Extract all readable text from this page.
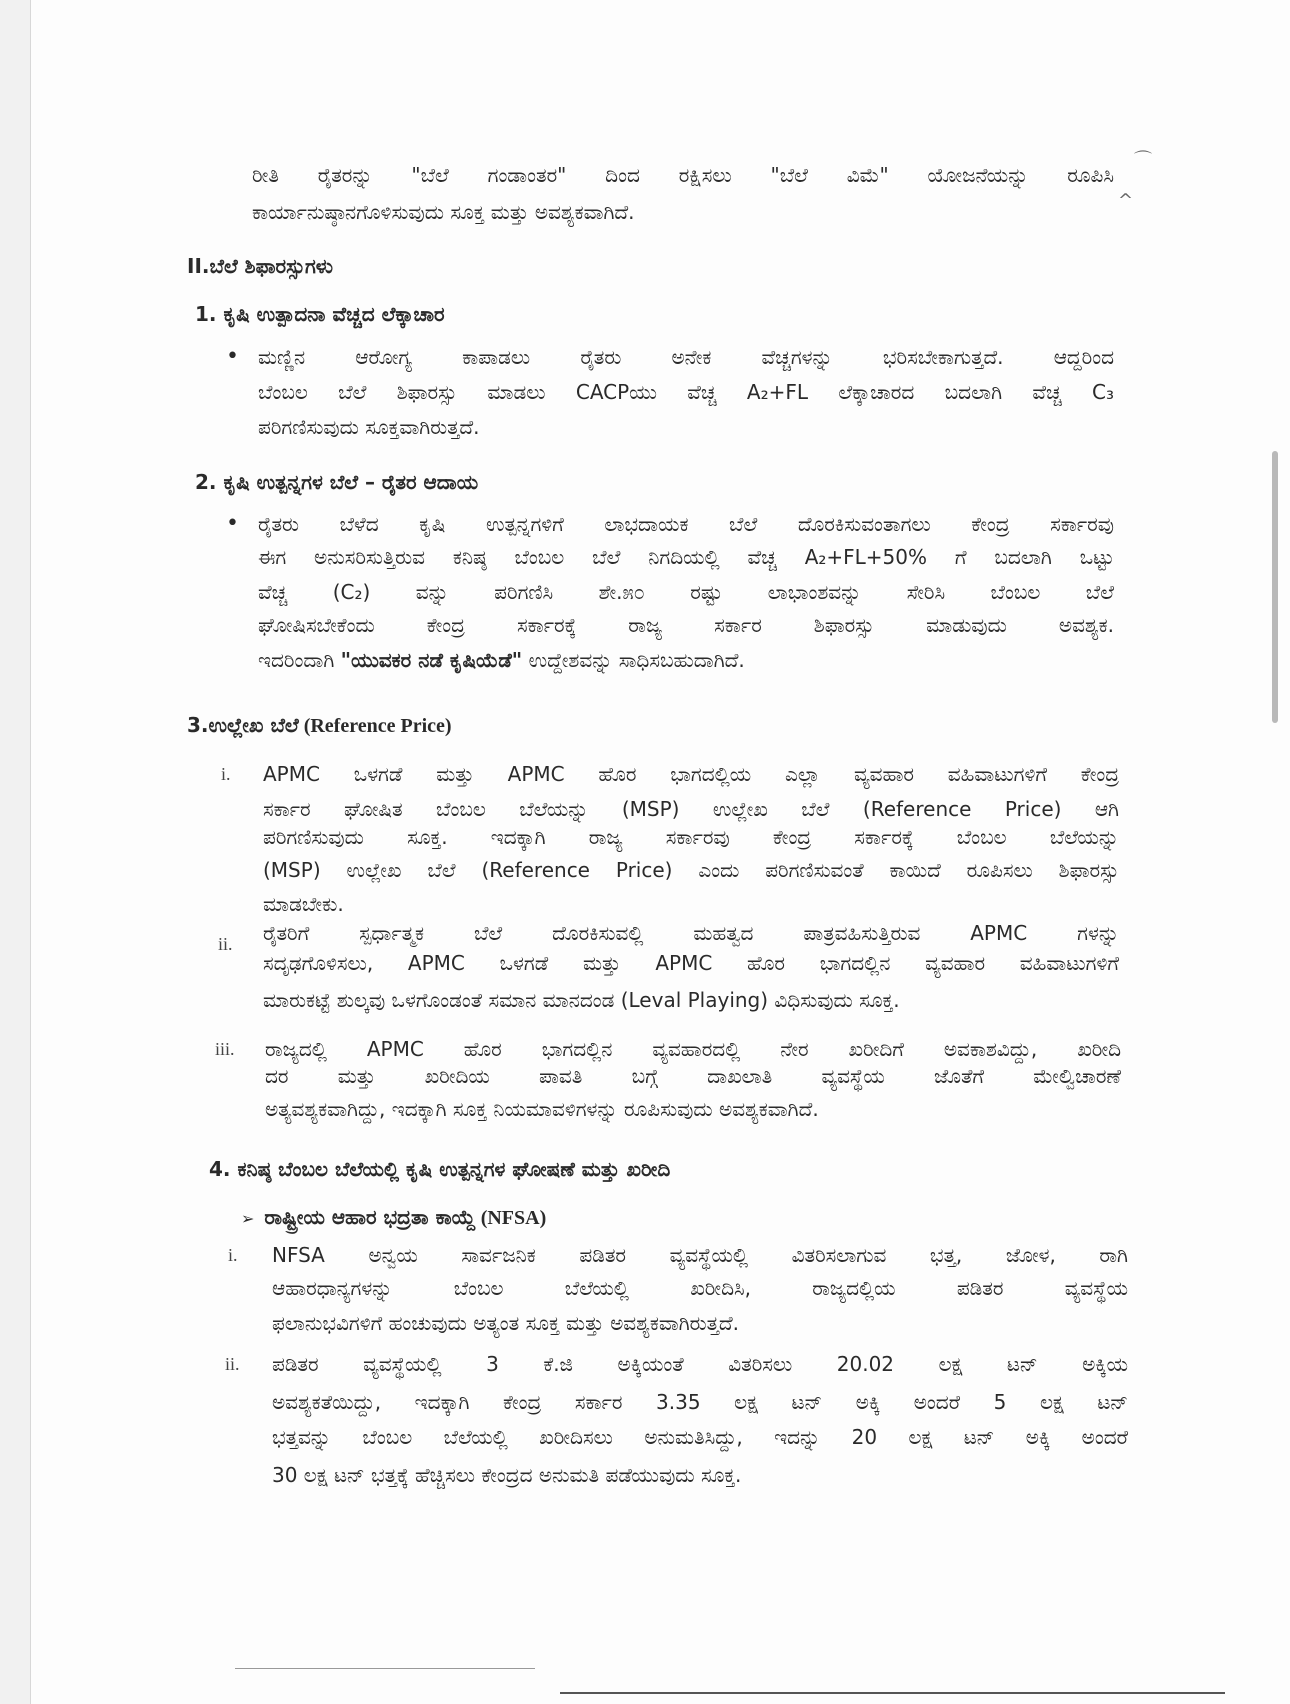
⌒
^
ರೀತಿ ರೈತರನ್ನು "ಬೆಲೆ ಗಂಡಾಂತರ" ದಿಂದ ರಕ್ಷಿಸಲು "ಬೆಲೆ ವಿಮೆ" ಯೋಜನೆಯನ್ನು ರೂಪಿಸಿ
ಕಾರ್ಯಾನುಷ್ಠಾನಗೊಳಿಸುವುದು ಸೂಕ್ತ ಮತ್ತು ಅವಶ್ಯಕವಾಗಿದೆ.
II.ಬೆಲೆ ಶಿಫಾರಸ್ಸುಗಳು
1. ಕೃಷಿ ಉತ್ಪಾದನಾ ವೆಚ್ಚದ ಲೆಕ್ಕಾಚಾರ
• ಮಣ್ಣಿನ ಆರೋಗ್ಯ ಕಾಪಾಡಲು ರೈತರು ಅನೇಕ ವೆಚ್ಚಗಳನ್ನು ಭರಿಸಬೇಕಾಗುತ್ತದೆ. ಆದ್ದರಿಂದ
ಬೆಂಬಲ ಬೆಲೆ ಶಿಫಾರಸ್ಸು ಮಾಡಲು CACPಯು ವೆಚ್ಚ A₂+FL ಲೆಕ್ಕಾಚಾರದ ಬದಲಾಗಿ ವೆಚ್ಚ C₃
ಪರಿಗಣಿಸುವುದು ಸೂಕ್ತವಾಗಿರುತ್ತದೆ.
2. ಕೃಷಿ ಉತ್ಪನ್ನಗಳ ಬೆಲೆ – ರೈತರ ಆದಾಯ
• ರೈತರು ಬೆಳೆದ ಕೃಷಿ ಉತ್ಪನ್ನಗಳಿಗೆ ಲಾಭದಾಯಕ ಬೆಲೆ ದೊರಕಿಸುವಂತಾಗಲು ಕೇಂದ್ರ ಸರ್ಕಾರವು
ಈಗ ಅನುಸರಿಸುತ್ತಿರುವ ಕನಿಷ್ಠ ಬೆಂಬಲ ಬೆಲೆ ನಿಗದಿಯಲ್ಲಿ ವೆಚ್ಚ A₂+FL+50% ಗೆ ಬದಲಾಗಿ ಒಟ್ಟು
ವೆಚ್ಚ (C₂) ವನ್ನು ಪರಿಗಣಿಸಿ ಶೇ.೫೦ ರಷ್ಟು ಲಾಭಾಂಶವನ್ನು ಸೇರಿಸಿ ಬೆಂಬಲ ಬೆಲೆ
ಘೋಷಿಸಬೇಕೆಂದು ಕೇಂದ್ರ ಸರ್ಕಾರಕ್ಕೆ ರಾಜ್ಯ ಸರ್ಕಾರ ಶಿಫಾರಸ್ಸು ಮಾಡುವುದು ಅವಶ್ಯಕ.
ಇದರಿಂದಾಗಿ "ಯುವಕರ ನಡೆ ಕೃಷಿಯೆಡೆ" ಉದ್ದೇಶವನ್ನು ಸಾಧಿಸಬಹುದಾಗಿದೆ.
3.ಉಲ್ಲೇಖ ಬೆಲೆ (Reference Price)
i. APMC ಒಳಗಡೆ ಮತ್ತು APMC ಹೊರ ಭಾಗದಲ್ಲಿಯ ಎಲ್ಲಾ ವ್ಯವಹಾರ ವಹಿವಾಟುಗಳಿಗೆ ಕೇಂದ್ರ
ಸರ್ಕಾರ ಘೋಷಿತ ಬೆಂಬಲ ಬೆಲೆಯನ್ನು (MSP) ಉಲ್ಲೇಖ ಬೆಲೆ (Reference Price) ಆಗಿ
ಪರಿಗಣಿಸುವುದು ಸೂಕ್ತ. ಇದಕ್ಕಾಗಿ ರಾಜ್ಯ ಸರ್ಕಾರವು ಕೇಂದ್ರ ಸರ್ಕಾರಕ್ಕೆ ಬೆಂಬಲ ಬೆಲೆಯನ್ನು
(MSP) ಉಲ್ಲೇಖ ಬೆಲೆ (Reference Price) ಎಂದು ಪರಿಗಣಿಸುವಂತೆ ಕಾಯಿದೆ ರೂಪಿಸಲು ಶಿಫಾರಸ್ಸು
ಮಾಡಬೇಕು.
ii. ರೈತರಿಗೆ ಸ್ಪರ್ಧಾತ್ಮಕ ಬೆಲೆ ದೊರಕಿಸುವಲ್ಲಿ ಮಹತ್ವದ ಪಾತ್ರವಹಿಸುತ್ತಿರುವ APMC ಗಳನ್ನು
ಸದೃಢಗೊಳಿಸಲು, APMC ಒಳಗಡೆ ಮತ್ತು APMC ಹೊರ ಭಾಗದಲ್ಲಿನ ವ್ಯವಹಾರ ವಹಿವಾಟುಗಳಿಗೆ
ಮಾರುಕಟ್ಟೆ ಶುಲ್ಕವು ಒಳಗೊಂಡಂತೆ ಸಮಾನ ಮಾನದಂಡ (Leval Playing) ವಿಧಿಸುವುದು ಸೂಕ್ತ.
iii. ರಾಜ್ಯದಲ್ಲಿ APMC ಹೊರ ಭಾಗದಲ್ಲಿನ ವ್ಯವಹಾರದಲ್ಲಿ ನೇರ ಖರೀದಿಗೆ ಅವಕಾಶವಿದ್ದು, ಖರೀದಿ
ದರ ಮತ್ತು ಖರೀದಿಯ ಪಾವತಿ ಬಗ್ಗೆ ದಾಖಲಾತಿ ವ್ಯವಸ್ಥೆಯ ಜೊತೆಗೆ ಮೇಲ್ವಿಚಾರಣೆ
ಅತ್ಯವಶ್ಯಕವಾಗಿದ್ದು, ಇದಕ್ಕಾಗಿ ಸೂಕ್ತ ನಿಯಮಾವಳಿಗಳನ್ನು ರೂಪಿಸುವುದು ಅವಶ್ಯಕವಾಗಿದೆ.
4. ಕನಿಷ್ಠ ಬೆಂಬಲ ಬೆಲೆಯಲ್ಲಿ ಕೃಷಿ ಉತ್ಪನ್ನಗಳ ಘೋಷಣೆ ಮತ್ತು ಖರೀದಿ
➢ ರಾಷ್ಟ್ರೀಯ ಆಹಾರ ಭದ್ರತಾ ಕಾಯ್ದೆ (NFSA)
i. NFSA ಅನ್ವಯ ಸಾರ್ವಜನಿಕ ಪಡಿತರ ವ್ಯವಸ್ಥೆಯಲ್ಲಿ ವಿತರಿಸಲಾಗುವ ಭತ್ತ, ಜೋಳ, ರಾಗಿ
ಆಹಾರಧಾನ್ಯಗಳನ್ನು ಬೆಂಬಲ ಬೆಲೆಯಲ್ಲಿ ಖರೀದಿಸಿ, ರಾಜ್ಯದಲ್ಲಿಯ ಪಡಿತರ ವ್ಯವಸ್ಥೆಯ
ಫಲಾನುಭವಿಗಳಿಗೆ ಹಂಚುವುದು ಅತ್ಯಂತ ಸೂಕ್ತ ಮತ್ತು ಅವಶ್ಯಕವಾಗಿರುತ್ತದೆ.
ii. ಪಡಿತರ ವ್ಯವಸ್ಥೆಯಲ್ಲಿ 3 ಕೆ.ಜಿ ಅಕ್ಕಿಯಂತೆ ವಿತರಿಸಲು 20.02 ಲಕ್ಷ ಟನ್ ಅಕ್ಕಿಯ
ಅವಶ್ಯಕತೆಯಿದ್ದು, ಇದಕ್ಕಾಗಿ ಕೇಂದ್ರ ಸರ್ಕಾರ 3.35 ಲಕ್ಷ ಟನ್ ಅಕ್ಕಿ ಅಂದರೆ 5 ಲಕ್ಷ ಟನ್
ಭತ್ತವನ್ನು ಬೆಂಬಲ ಬೆಲೆಯಲ್ಲಿ ಖರೀದಿಸಲು ಅನುಮತಿಸಿದ್ದು, ಇದನ್ನು 20 ಲಕ್ಷ ಟನ್ ಅಕ್ಕಿ ಅಂದರೆ
30 ಲಕ್ಷ ಟನ್ ಭತ್ತಕ್ಕೆ ಹೆಚ್ಚಿಸಲು ಕೇಂದ್ರದ ಅನುಮತಿ ಪಡೆಯುವುದು ಸೂಕ್ತ.
